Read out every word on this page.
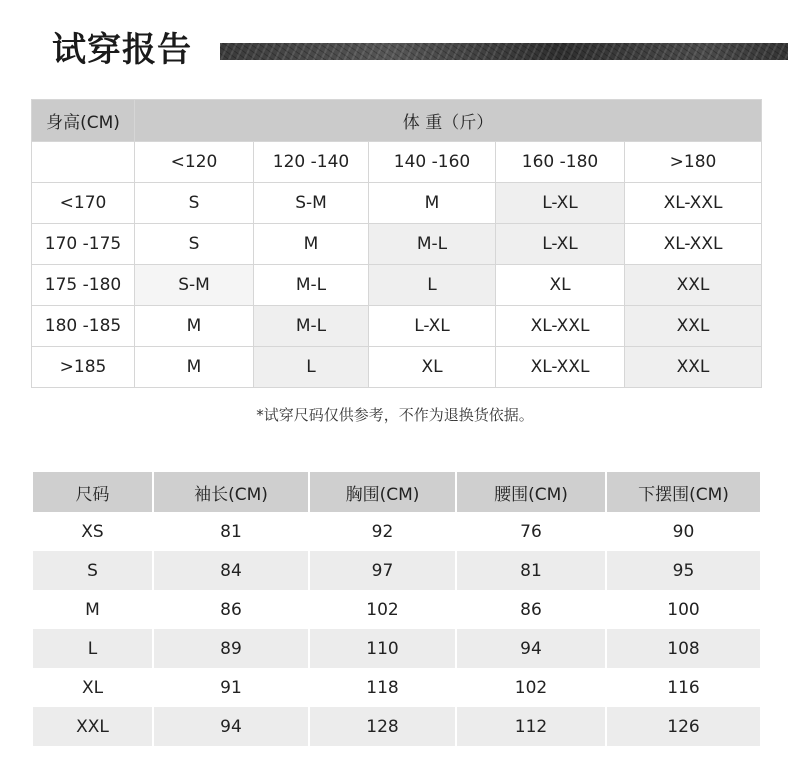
试穿报告
身高(CM)	体 重（斤）				
	<120	120 -140	140 -160	160 -180	>180
<170	S	S-M	M	L-XL	XL-XXL
170 -175	S	M	M-L	L-XL	XL-XXL
175 -180	S-M	M-L	L	XL	XXL
180 -185	M	M-L	L-XL	XL-XXL	XXL
>185	M	L	XL	XL-XXL	XXL
*试穿尺码仅供参考，不作为退换货依据。
尺码	袖长(CM)	胸围(CM)	腰围(CM)	下摆围(CM)
XS	81	92	76	90
S	84	97	81	95
M	86	102	86	100
L	89	110	94	108
XL	91	118	102	116
XXL	94	128	112	126
